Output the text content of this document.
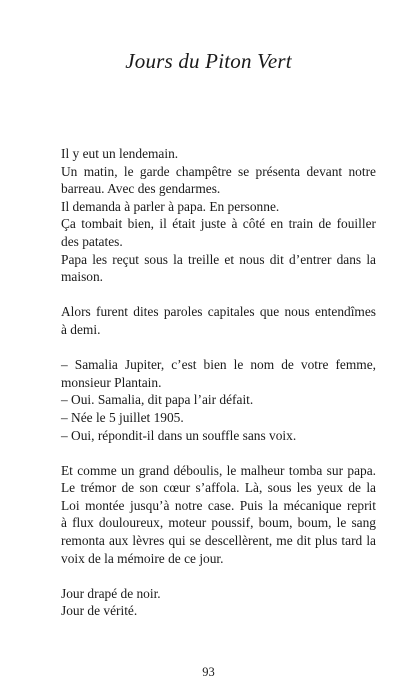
Jours du Piton Vert

Il y eut un lendemain.
Un matin, le garde champêtre se présenta devant notre
barreau. Avec des gendarmes.
Il demanda à parler à papa. En personne.
Ça tombait bien, il était juste à côté en train de fouiller
des patates.
Papa les reçut sous la treille et nous dit d’entrer dans la
maison.

Alors furent dites paroles capitales que nous entendîmes
à demi.

– Samalia Jupiter, c’est bien le nom de votre femme,
monsieur Plantain.
– Oui. Samalia, dit papa l’air défait.
– Née le 5 juillet 1905.
– Oui, répondit-il dans un souffle sans voix.

Et comme un grand déboulis, le malheur tomba sur papa.
Le trémor de son cœur s’affola. Là, sous les yeux de la
Loi montée jusqu’à notre case. Puis la mécanique reprit
à flux douloureux, moteur poussif, boum, boum, le sang
remonta aux lèvres qui se descellèrent, me dit plus tard la
voix de la mémoire de ce jour.

Jour drapé de noir.
Jour de vérité.

93
